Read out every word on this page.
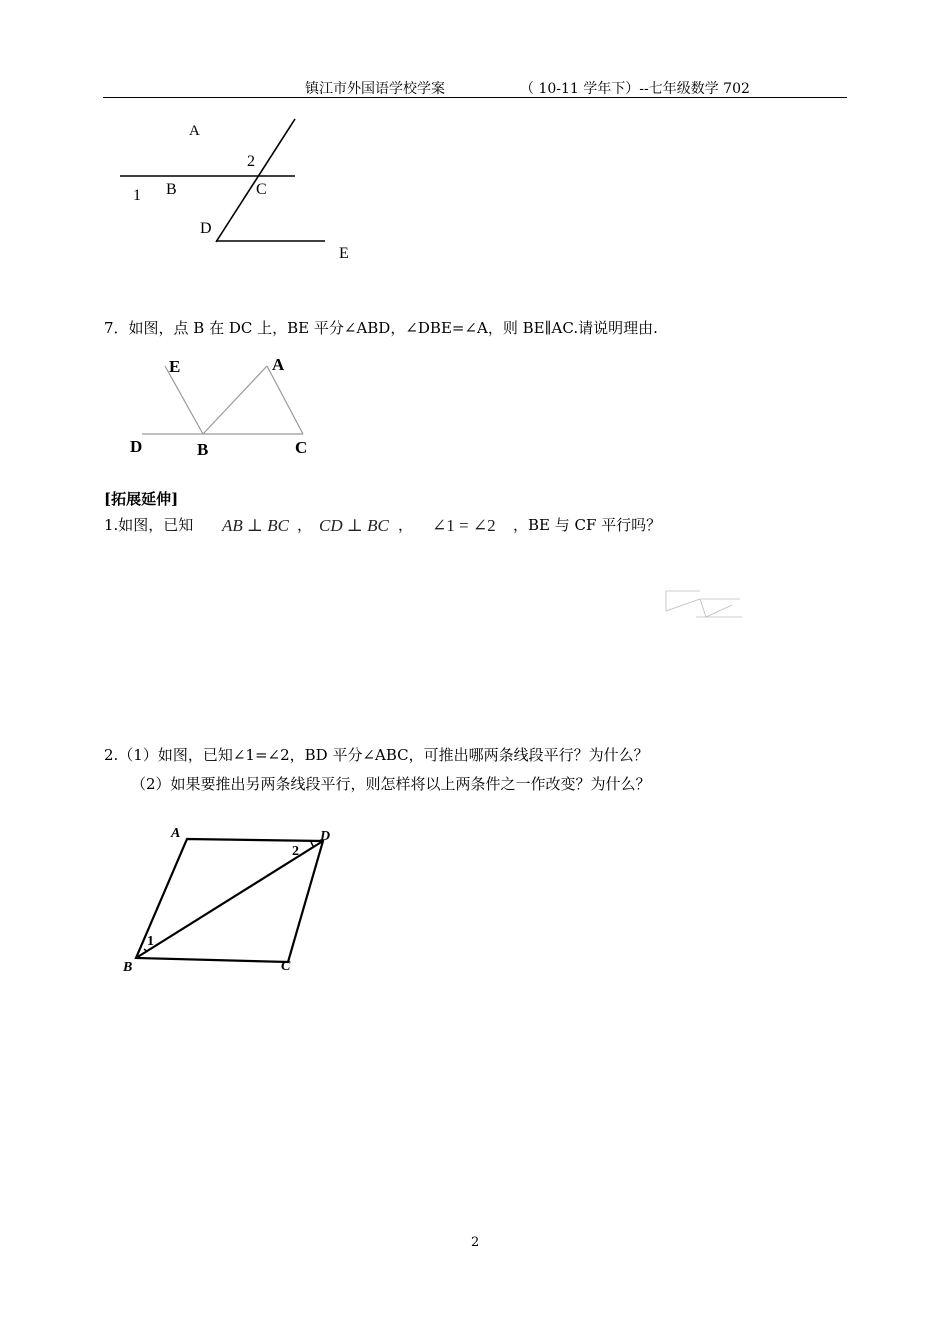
镇江市外国语学校学案	（ 10-11 学年下）--七年级数学 702
A
2
1 B	C
D
E
7．如图，点 B 在 DC 上，BE 平分∠ABD，∠DBE=∠A，则 BE∥AC.请说明理由.
E	A
D	B	C
[拓展延伸]
1.如图，已知 AB ⊥ BC ， CD ⊥ BC ， ∠1 = ∠2 ，BE 与 CF 平行吗？
2.（1）如图，已知∠1=∠2，BD 平分∠ABC，可推出哪两条线段平行？为什么？
（2）如果要推出另两条线段平行，则怎样将以上两条件之一作改变？为什么？
A	D
B	C
1
2
2
